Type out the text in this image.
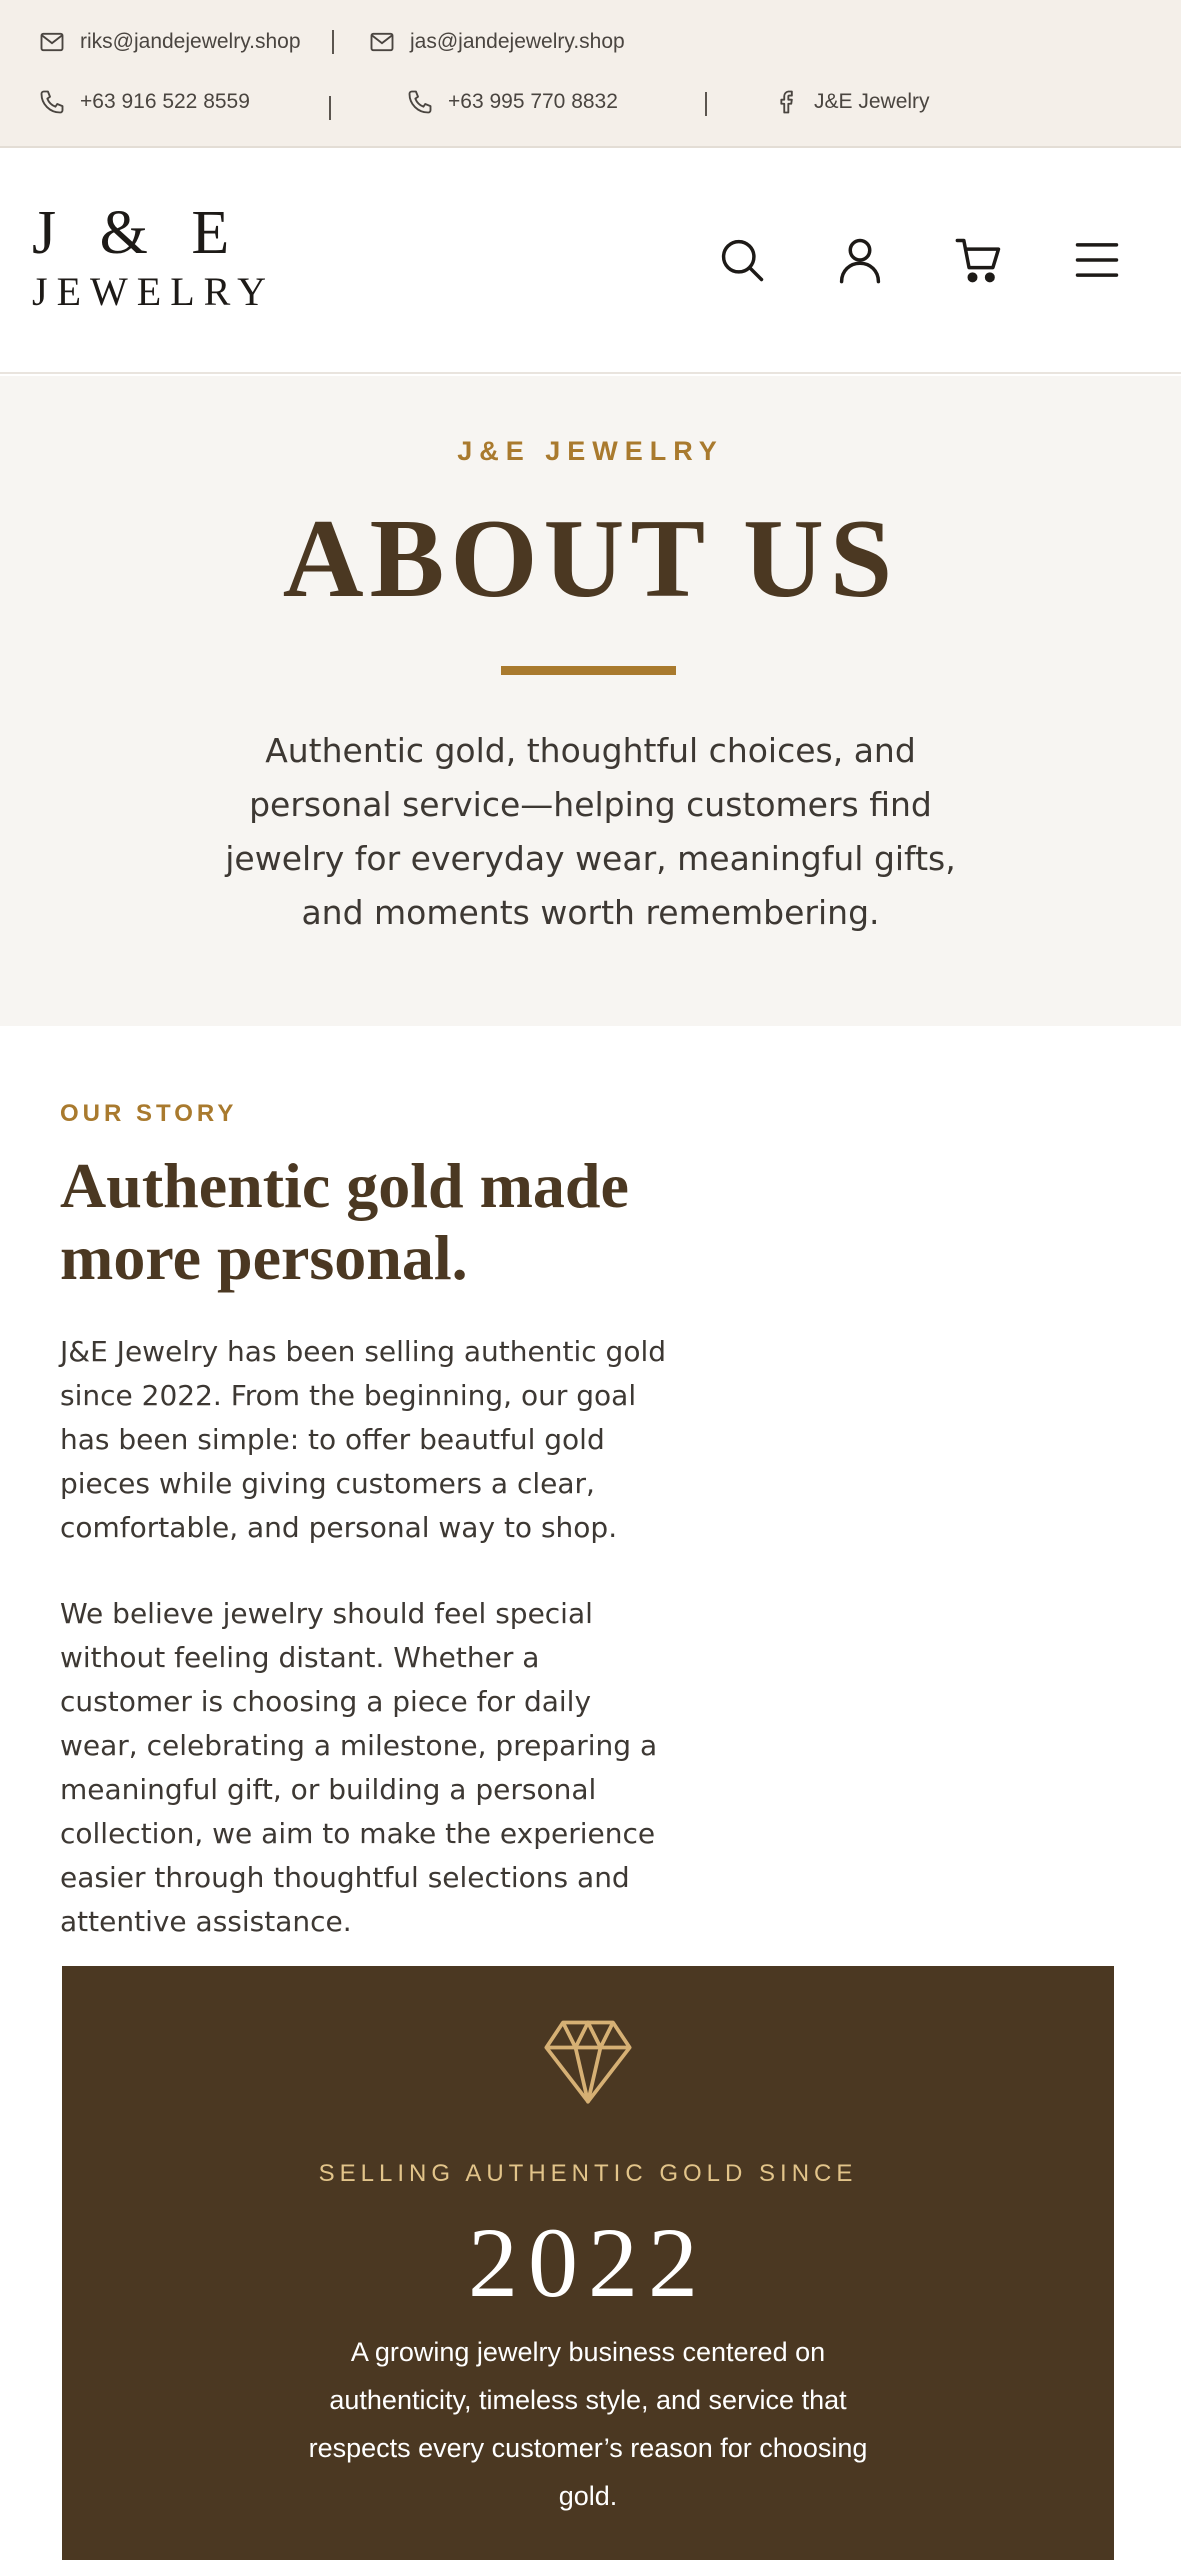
riks@jandejewelry.shop	jas@jandejewelry.shop
+63 916 522 8559	+63 995 770 8832	J&E Jewelry
J & E
JEWELRY
J&E JEWELRY
ABOUT US

Authentic gold, thoughtful choices, and personal service—helping customers find jewelry for everyday wear, meaningful gifts, and moments worth remembering.

OUR STORY
Authentic gold made more personal.

J&E Jewelry has been selling authentic gold since 2022. From the beginning, our goal has been simple: to offer beautful gold pieces while giving customers a clear, comfortable, and personal way to shop.

We believe jewelry should feel special without feeling distant. Whether a customer is choosing a piece for daily wear, celebrating a milestone, preparing a meaningful gift, or building a personal collection, we aim to make the experience easier through thoughtful selections and attentive assistance.

SELLING AUTHENTIC GOLD SINCE
2022

A growing jewelry business centered on authenticity, timeless style, and service that respects every customer’s reason for choosing gold.
